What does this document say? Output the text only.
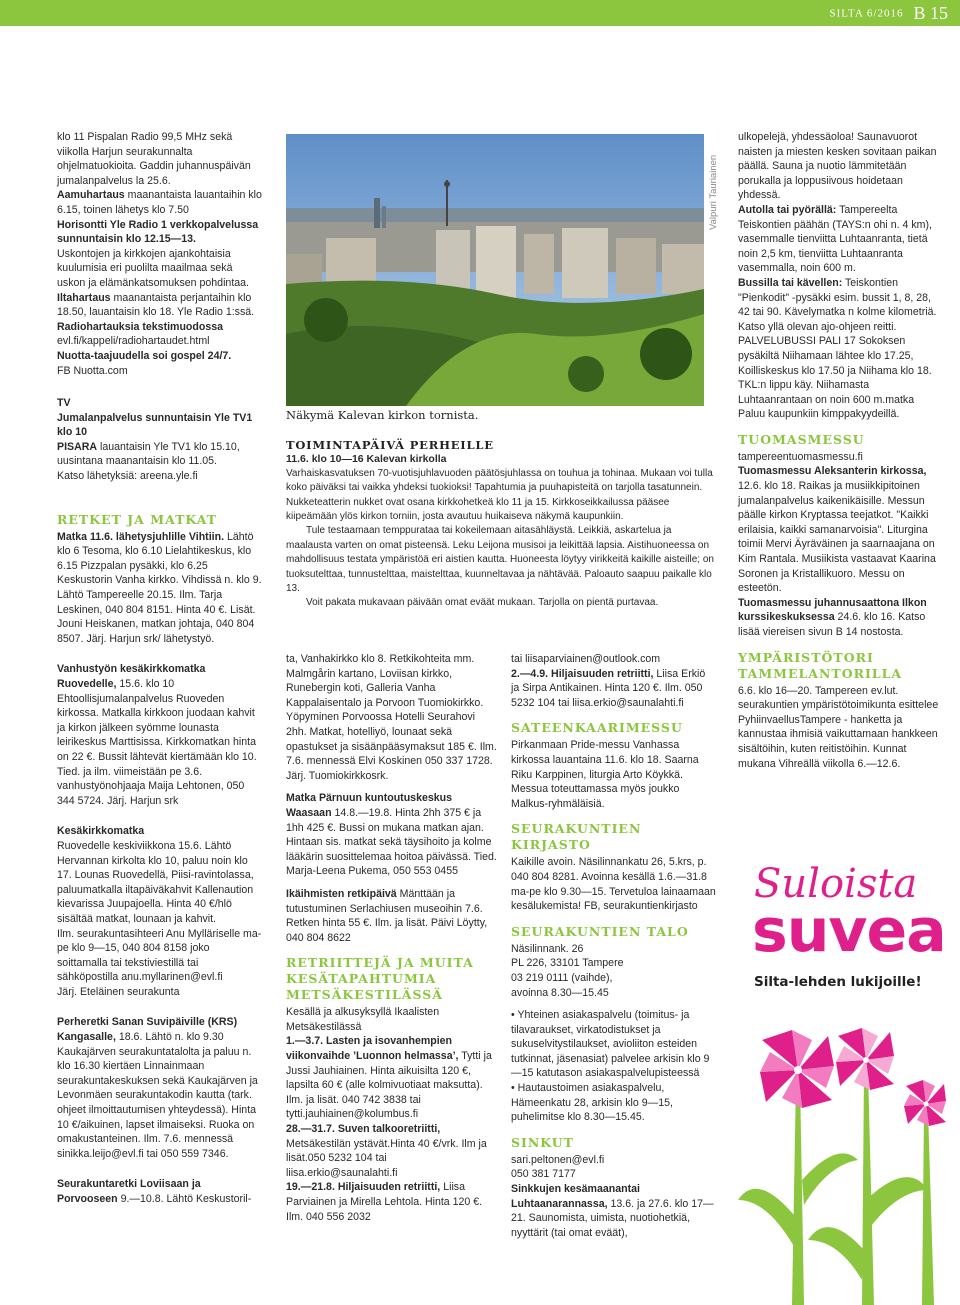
SILTA 6/2016 B 15

klo 11 Pispalan Radio 99,5 MHz sekä viikolla Harjun seurakunnalta ohjelmatuokioita. Gaddin juhannuspäivän jumalanpalvelus la 25.6.

Aamuhartaus maanantaista lauantaihin klo 6.15, toinen lähetys klo 7.50

Horisontti Yle Radio 1 verkkopalvelussa sunnuntaisin klo 12.15—13.

Uskontojen ja kirkkojen ajankohtaisia kuulumisia eri puolilta maailmaa sekä uskon ja elämänkatsomuksen pohdintaa.

Iltahartaus maanantaista perjantaihin klo 18.50, lauantaisin klo 18. Yle Radio 1:ssä.

Radiohartauksia tekstimuodossa

evl.fi/kappeli/radiohartaudet.html

Nuotta-taajuudella soi gospel 24/7.

FB Nuotta.com

TV

Jumalanpalvelus sunnuntaisin Yle TV1 klo 10

PISARA lauantaisin Yle TV1 klo 15.10, uusintana maanantaisin klo 11.05.

Katso lähetyksiä: areena.yle.fi

RETKET JA MATKAT

Matka 11.6. lähetysjuhlille Vihtiin. Lähtö klo 6 Tesoma, klo 6.10 Lielahtikeskus, klo 6.15 Pizzpalan pysäkki, klo 6.25 Keskustorin Vanha kirkko. Vihdissä n. klo 9. Lähtö Tampereelle 20.15. Ilm. Tarja Leskinen, 040 804 8151. Hinta 40 €. Lisät. Jouni Heiskanen, matkan johtaja, 040 804 8507. Järj. Harjun srk/ lähetystyö.

Vanhustyön kesäkirkkomatka Ruovedelle, 15.6. klo 10 Ehtoollisjumalanpalvelus Ruoveden kirkossa. Matkalla kirkkoon juodaan kahvit ja kirkon jälkeen syömme lounasta leirikeskus Marttisissa. Kirkkomatkan hinta on 22 €. Bussit lähtevät kiertämään klo 10. Tied. ja ilm. viimeistään pe 3.6. vanhustyönohjaaja Maija Lehtonen, 050 344 5724. Järj. Harjun srk

Kesäkirkkomatka

Ruovedelle keskiviikkona 15.6. Lähtö Hervannan kirkolta klo 10, paluu noin klo 17. Lounas Ruovedellä, Piisi-ravintolassa, paluumatkalla iltapäiväkahvit Kallenaution kievarissa Juupajoella. Hinta 40 €/hlö sisältää matkat, lounaan ja kahvit.

Ilm. seurakuntasihteeri Anu Mylläriselle ma-pe klo 9—15, 040 804 8158 joko soittamalla tai tekstiviestillä tai sähköpostilla anu.myllarinen@evl.fi

Järj. Eteläinen seurakunta

Perheretki Sanan Suvipäiville (KRS) Kangasalle, 18.6. Lähtö n. klo 9.30 Kaukajärven seurakuntatalolta ja paluu n. klo 16.30 kiertäen Linnainmaan seurakuntakeskuksen sekä Kaukajärven ja Levonmäen seurakuntakodin kautta (tark. ohjeet ilmoittautumisen yhteydessä). Hinta 10 €/aikuinen, lapset ilmaiseksi. Ruoka on omakustanteinen. Ilm. 7.6. mennessä sinikka.leijo@evl.fi tai 050 559 7346.

Seurakuntaretki Loviisaan ja Porvooseen 9.—10.8. Lähtö Keskustoril-

Valpuri Tauriainen
Näkymä Kalevan kirkon tornista.
TOIMINTAPÄIVÄ PERHEILLE
11.6. klo 10—16 Kalevan kirkolla

Varhaiskasvatuksen 70-vuotisjuhlavuoden päätösjuhlassa on touhua ja tohinaa. Mukaan voi tulla koko päiväksi tai vaikka yhdeksi tuokioksi! Tapahtumia ja puuhapisteitä on tarjolla tasatunnein. Nukketeatterin nukket ovat osana kirkkohetkeä klo 11 ja 15. Kirkkoseikkailussa pääsee kiipeämään ylös kirkon torniin, josta avautuu huikaiseva näkymä kaupunkiin.

Tule testaamaan temppurataa tai kokeilemaan aitasähläystä. Leikkiä, askartelua ja maalausta varten on omat pisteensä. Leku Leijona musisoi ja leikittää lapsia. Aistihuoneessa on mahdollisuus testata ympäristöä eri aistien kautta. Huoneesta löytyy virikkeitä kaikille aisteille; on tuoksutelttaa, tunnustelttaa, maistelttaa, kuunneltavaa ja nähtävää. Paloauto saapuu paikalle klo 13.

Voit pakata mukavaan päivään omat eväät mukaan. Tarjolla on pientä purtavaa.

ta, Vanhakirkko klo 8. Retkikohteita mm. Malmgårin kartano, Loviisan kirkko, Runebergin koti, Galleria Vanha Kappalaisentalo ja Porvoon Tuomiokirkko. Yöpyminen Porvoossa Hotelli Seurahovi 2hh. Matkat, hotelliyö, lounaat sekä opastukset ja sisäänpääsymaksut 185 €. Ilm. 7.6. mennessä Elvi Koskinen 050 337 1728. Järj. Tuomiokirkkosrk.

Matka Pärnuun kuntoutuskeskus Waasaan 14.8.—19.8. Hinta 2hh 375 € ja 1hh 425 €. Bussi on mukana matkan ajan. Hintaan sis. matkat sekä täysihoito ja kolme lääkärin suosittelemaa hoitoa päivässä. Tied. Marja-Leena Pukema, 050 553 0455

Ikäihmisten retkipäivä Mänttään ja tutustuminen Serlachiusen museoihin 7.6. Retken hinta 55 €. Ilm. ja lisät. Päivi Löytty, 040 804 8622

RETRIITTEJÄ JA MUITA KESÄTAPAHTUMIA METSÄKESTILÄSSÄ

Kesällä ja alkusyksyllä Ikaalisten Metsäkestilässä

1.—3.7. Lasten ja isovanhempien viikonvaihde ’Luonnon helmassa’, Tytti ja Jussi Jauhiainen. Hinta aikuisilta 120 €, lapsilta 60 € (alle kolmivuotiaat maksutta). Ilm. ja lisät. 040 742 3838 tai tytti.jauhiainen@kolumbus.fi

28.—31.7. Suven talkooretriitti, Metsäkestilän ystävät.Hinta 40 €/vrk. Ilm ja lisät.050 5232 104 tai liisa.erkio@saunalahti.fi

19.—21.8. Hiljaisuuden retriitti, Liisa Parviainen ja Mirella Lehtola. Hinta 120 €. Ilm. 040 556 2032

tai liisaparviainen@outlook.com

2.—4.9. Hiljaisuuden retriitti, Liisa Erkiö ja Sirpa Antikainen. Hinta 120 €. Ilm. 050 5232 104 tai liisa.erkio@saunalahti.fi

SATEENKAARIMESSU

Pirkanmaan Pride-messu Vanhassa kirkossa lauantaina 11.6. klo 18. Saarna Riku Karppinen, liturgia Arto Köykkä. Messua toteuttamassa myös joukko Malkus-ryhmäläisiä.

SEURAKUNTIEN KIRJASTO

Kaikille avoin. Näsilinnankatu 26, 5.krs, p. 040 804 8281. Avoinna kesällä 1.6.—31.8 ma-pe klo 9.30—15. Tervetuloa lainaamaan kesälukemista! FB, seurakuntienkirjasto

SEURAKUNTIEN TALO

Näsilinnank. 26

PL 226, 33101 Tampere

03 219 0111 (vaihde),

avoinna 8.30—15.45

• Yhteinen asiakaspalvelu (toimitus- ja tilavaraukset, virkatodistukset ja sukuselvitystilaukset, avioliiton esteiden tutkinnat, jäsenasiat) palvelee arkisin klo 9—15 katutason asiakaspalvelupisteessä

• Hautaustoimen asiakaspalvelu, Hämeenkatu 28, arkisin klo 9—15, puhelimitse klo 8.30—15.45.

SINKUT

sari.peltonen@evl.fi

050 381 7177

Sinkkujen kesämaanantai Luhtaanarannassa, 13.6. ja 27.6. klo 17—21. Saunomista, uimista, nuotiohetkiä, nyyttärit (tai omat eväät),

ulkopelejä, yhdessäoloa! Saunavuorot naisten ja miesten kesken sovitaan paikan päällä. Sauna ja nuotio lämmitetään porukalla ja loppusiivous hoidetaan yhdessä.

Autolla tai pyörällä: Tampereelta Teiskontien päähän (TAYS:n ohi n. 4 km), vasemmalle tienviitta Luhtaanranta, tietä noin 2,5 km, tienviitta Luhtaanranta vasemmalla, noin 600 m.

Bussilla tai kävellen: Teiskontien "Pienkodit" -pysäkki esim. bussit 1, 8, 28, 42 tai 90. Kävelymatka n kolme kilometriä. Katso yllä olevan ajo-ohjeen reitti. PALVELUBUSSI PALI 17 Sokoksen pysäkiltä Niihamaan lähtee klo 17.25, Koilliskeskus klo 17.50 ja Niihama klo 18. TKL:n lippu käy. Niihamasta Luhtaanrantaan on noin 600 m.matka Paluu kaupunkiin kimppakyydeillä.

TUOMASMESSU

tampereentuomasmessu.fi

Tuomasmessu Aleksanterin kirkossa, 12.6. klo 18. Raikas ja musiikkipitoinen jumalanpalvelus kaikenikäisille. Messun päälle kirkon Kryptassa teejatkot. "Kaikki erilaisia, kaikki samanarvoisia". Liturgina toimii Mervi Äyräväinen ja saarnaajana on Kim Rantala. Musiikista vastaavat Kaarina Soronen ja Kristallikuoro. Messu on esteetön.

Tuomasmessu juhannusaattona Ilkon kurssikeskuksessa 24.6. klo 16. Katso lisää viereisen sivun B 14 nostosta.

YMPÄRISTÖTORI TAMMELANTORILLA

6.6. klo 16—20. Tampereen ev.lut. seurakuntien ympäristötoimikunta esittelee PyhiinvaellusTampere - hanketta ja kannustaa ihmisiä vaikuttamaan hankkeen sisältöihin, kuten reitistöihin. Kunnat mukana Vihreällä viikolla 6.—12.6.

Suloista
suvea
Silta-lehden lukijoille!
